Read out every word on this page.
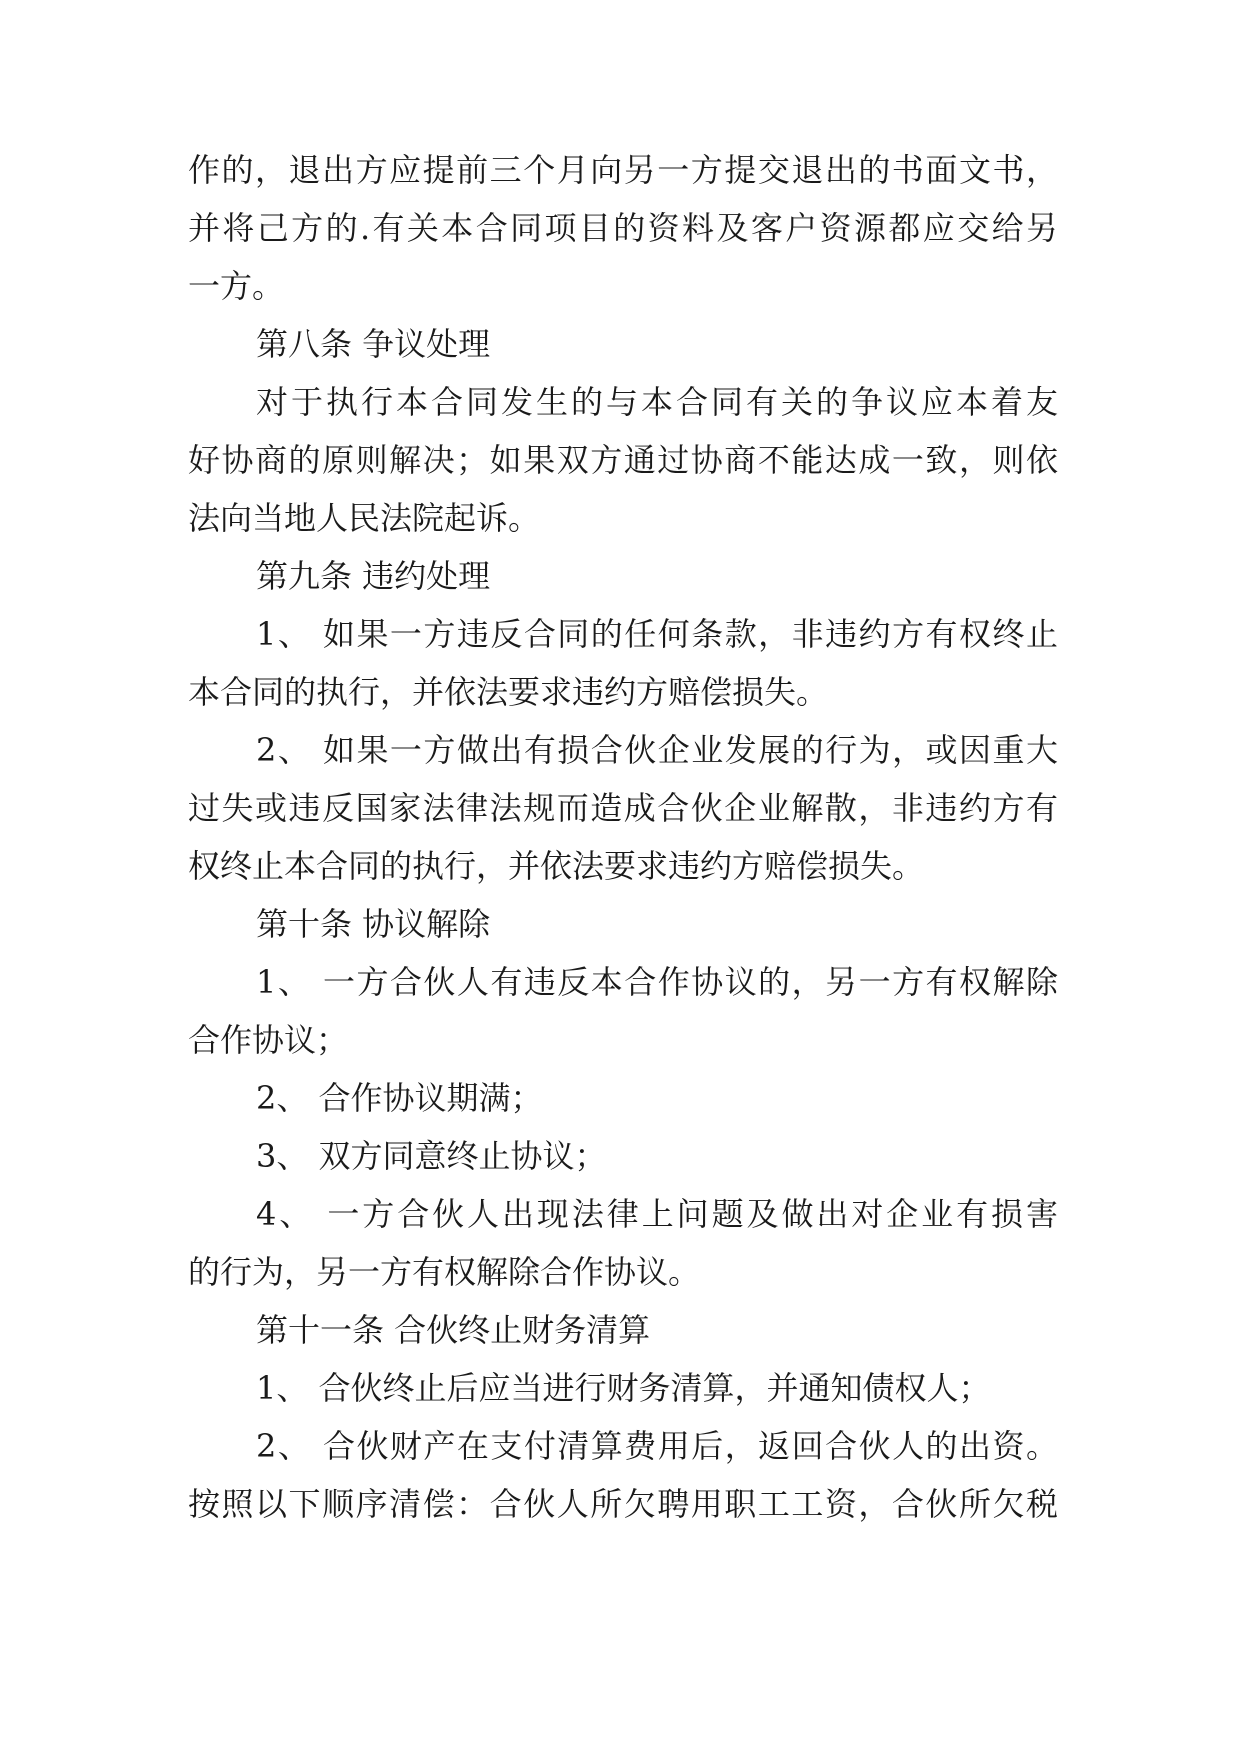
作的，退出方应提前三个月向另一方提交退出的书面文书，
并将己方的.有关本合同项目的资料及客户资源都应交给另
一方。
第八条 争议处理
对于执行本合同发生的与本合同有关的争议应本着友
好协商的原则解决；如果双方通过协商不能达成一致，则依
法向当地人民法院起诉。
第九条 违约处理
1、 如果一方违反合同的任何条款，非违约方有权终止
本合同的执行，并依法要求违约方赔偿损失。
2、 如果一方做出有损合伙企业发展的行为，或因重大
过失或违反国家法律法规而造成合伙企业解散，非违约方有
权终止本合同的执行，并依法要求违约方赔偿损失。
第十条 协议解除
1、 一方合伙人有违反本合作协议的，另一方有权解除
合作协议；
2、 合作协议期满；
3、 双方同意终止协议；
4、 一方合伙人出现法律上问题及做出对企业有损害
的行为，另一方有权解除合作协议。
第十一条 合伙终止财务清算
1、 合伙终止后应当进行财务清算，并通知债权人；
2、 合伙财产在支付清算费用后，返回合伙人的出资。
按照以下顺序清偿：合伙人所欠聘用职工工资，合伙所欠税
